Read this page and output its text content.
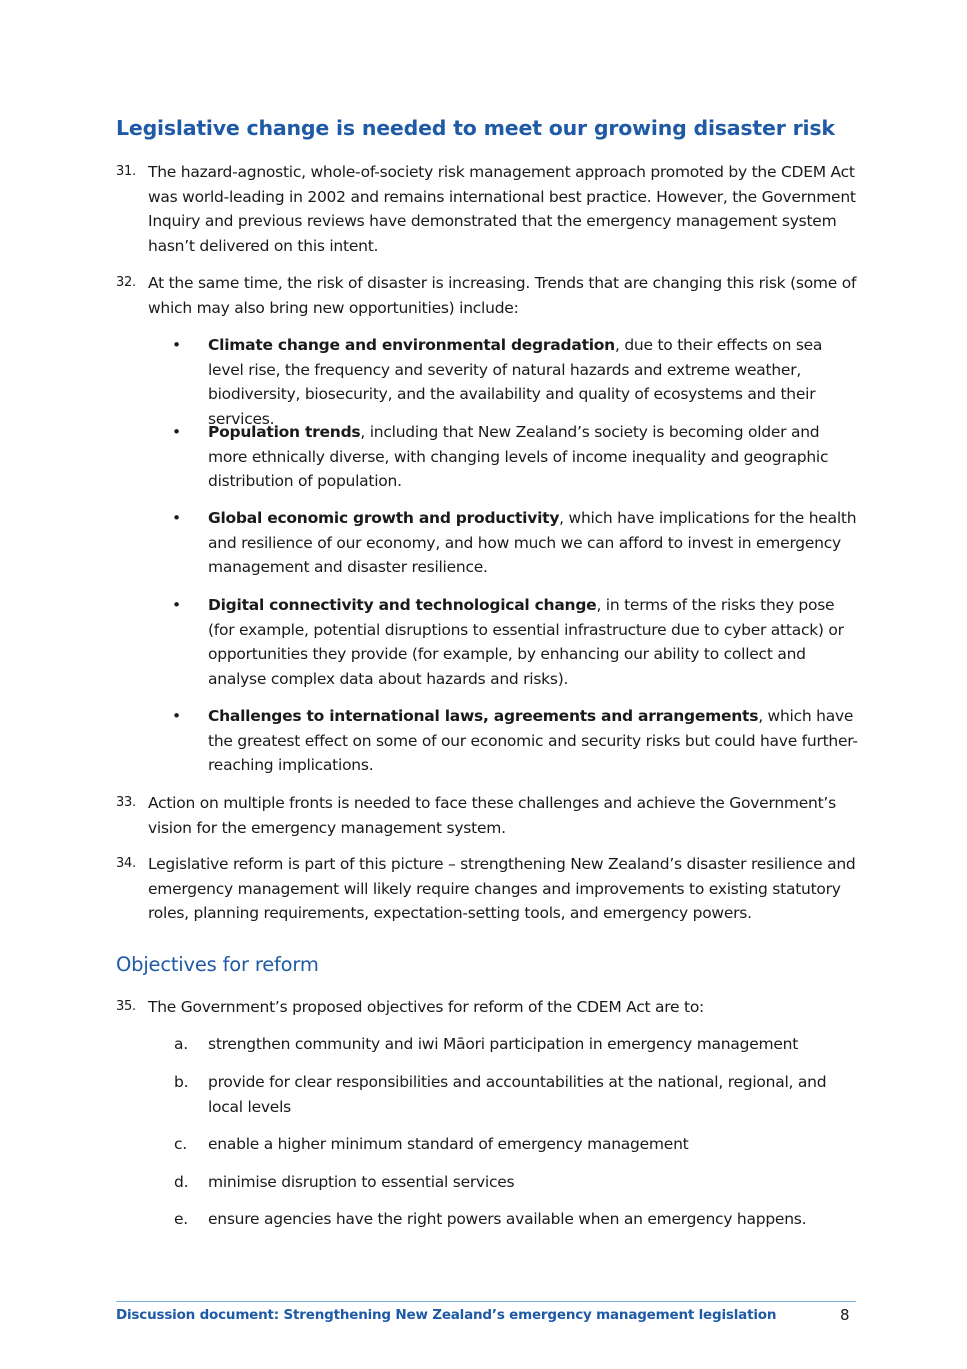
Legislative change is needed to meet our growing disaster risk
31. The hazard-agnostic, whole-of-society risk management approach promoted by the CDEM Act was world-leading in 2002 and remains international best practice. However, the Government Inquiry and previous reviews have demonstrated that the emergency management system hasn’t delivered on this intent.
32. At the same time, the risk of disaster is increasing. Trends that are changing this risk (some of which may also bring new opportunities) include:
•	Climate change and environmental degradation, due to their effects on sea level rise, the frequency and severity of natural hazards and extreme weather, biodiversity, biosecurity, and the availability and quality of ecosystems and their services.
•	Population trends, including that New Zealand’s society is becoming older and more ethnically diverse, with changing levels of income inequality and geographic distribution of population.
•	Global economic growth and productivity, which have implications for the health and resilience of our economy, and how much we can afford to invest in emergency management and disaster resilience.
•	Digital connectivity and technological change, in terms of the risks they pose (for example, potential disruptions to essential infrastructure due to cyber attack) or opportunities they provide (for example, by enhancing our ability to collect and analyse complex data about hazards and risks).
•	Challenges to international laws, agreements and arrangements, which have the greatest effect on some of our economic and security risks but could have further-reaching implications.
33. Action on multiple fronts is needed to face these challenges and achieve the Government’s vision for the emergency management system.
34. Legislative reform is part of this picture – strengthening New Zealand’s disaster resilience and emergency management will likely require changes and improvements to existing statutory roles, planning requirements, expectation-setting tools, and emergency powers.
Objectives for reform
35. The Government’s proposed objectives for reform of the CDEM Act are to:
a. strengthen community and iwi Māori participation in emergency management
b. provide for clear responsibilities and accountabilities at the national, regional, and local levels
c. enable a higher minimum standard of emergency management
d. minimise disruption to essential services
e. ensure agencies have the right powers available when an emergency happens.
Discussion document: Strengthening New Zealand’s emergency management legislation	8
